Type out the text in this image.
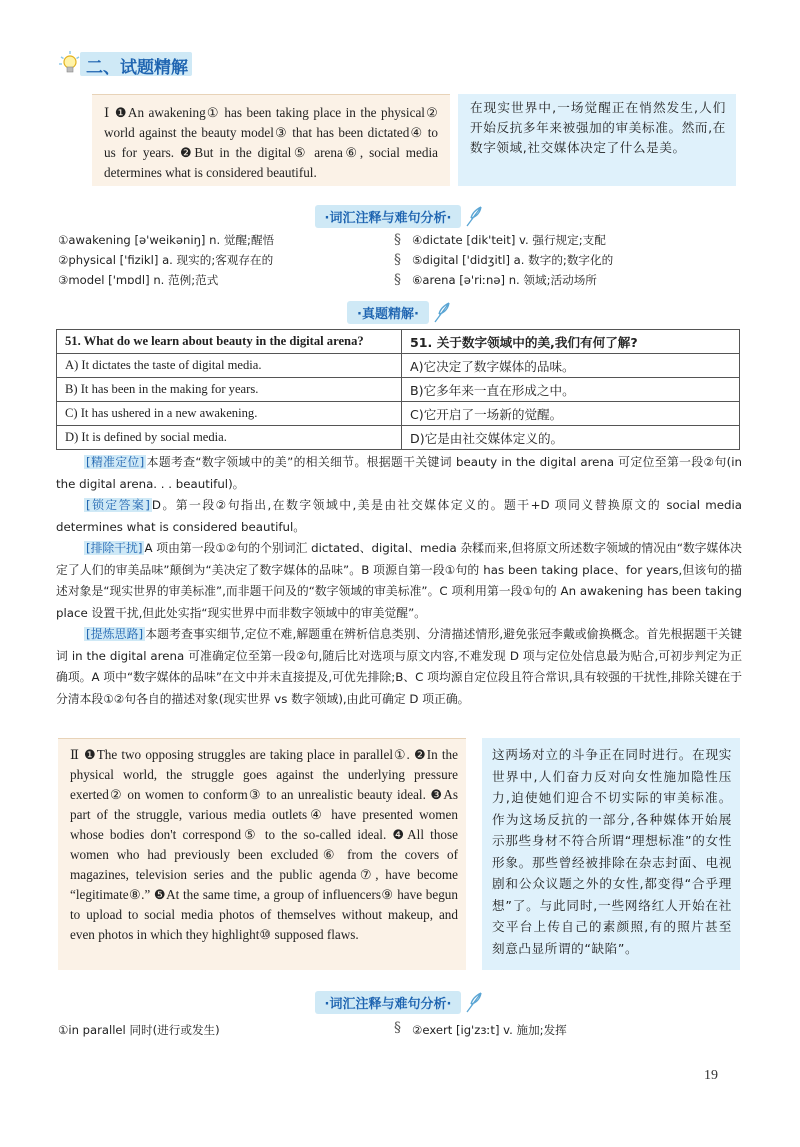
二、试题精解

Ⅰ ❶An awakening① has been taking place in the physical② world against the beauty model③ that has been dictated④ to us for years. ❷But in the digital⑤ arena⑥, social media determines what is considered beautiful.

在现实世界中,一场觉醒正在悄然发生,人们开始反抗多年来被强加的审美标准。然而,在数字领域,社交媒体决定了什么是美。

·词汇注释与难句分析·
①awakening [ə'weikəniŋ] n. 觉醒;醒悟	④dictate [dik'teit] v. 强行规定;支配
②physical ['fizikl] a. 现实的;客观存在的	⑤digital ['didʒitl] a. 数字的;数字化的
③model ['mɒdl] n. 范例;范式	⑥arena [ə'riːnə] n. 领域;活动场所
§
§
§
·真题精解·
51. What do we learn about beauty in the digital arena?	51. 关于数字领域中的美,我们有何了解?
A) It dictates the taste of digital media.	A)它决定了数字媒体的品味。
B) It has been in the making for years.	B)它多年来一直在形成之中。
C) It has ushered in a new awakening.	C)它开启了一场新的觉醒。
D) It is defined by social media.	D)它是由社交媒体定义的。

[精准定位] 本题考查“数字领域中的美”的相关细节。根据题干关键词 beauty in the digital arena 可定位至第一段②句(in the digital arena. . . beautiful)。

[锁定答案] D。第一段②句指出,在数字领域中,美是由社交媒体定义的。题干+D 项同义替换原文的 social media determines what is considered beautiful。

[排除干扰] A 项由第一段①②句的个别词汇 dictated、digital、media 杂糅而来,但将原文所述数字领域的情况由“数字媒体决定了人们的审美品味”颠倒为“美决定了数字媒体的品味”。B 项源自第一段①句的 has been taking place、for years,但该句的描述对象是“现实世界的审美标准”,而非题干问及的“数字领域的审美标准”。C 项利用第一段①句的 An awakening has been taking place 设置干扰,但此处实指“现实世界中而非数字领域中的审美觉醒”。

[提炼思路] 本题考查事实细节,定位不难,解题重在辨析信息类别、分清描述情形,避免张冠李戴或偷换概念。首先根据题干关键词 in the digital arena 可准确定位至第一段②句,随后比对选项与原文内容,不难发现 D 项与定位处信息最为贴合,可初步判定为正确项。A 项中“数字媒体的品味”在文中并未直接提及,可优先排除;B、C 项均源自定位段且符合常识,具有较强的干扰性,排除关键在于分清本段①②句各自的描述对象(现实世界 vs 数字领域),由此可确定 D 项正确。

Ⅱ ❶The two opposing struggles are taking place in parallel①. ❷In the physical world, the struggle goes against the underlying pressure exerted② on women to conform③ to an unrealistic beauty ideal. ❸As part of the struggle, various media outlets④ have presented women whose bodies don't correspond⑤ to the so-called ideal. ❹All those women who had previously been excluded⑥ from the covers of magazines, television series and the public agenda⑦, have become “legitimate⑧.” ❺At the same time, a group of influencers⑨ have begun to upload to social media photos of themselves without makeup, and even photos in which they highlight⑩ supposed flaws.

这两场对立的斗争正在同时进行。在现实世界中,人们奋力反对向女性施加隐性压力,迫使她们迎合不切实际的审美标准。作为这场反抗的一部分,各种媒体开始展示那些身材不符合所谓“理想标准”的女性形象。那些曾经被排除在杂志封面、电视剧和公众议题之外的女性,都变得“合乎理想”了。与此同时,一些网络红人开始在社交平台上传自己的素颜照,有的照片甚至刻意凸显所谓的“缺陷”。

·词汇注释与难句分析·
①in parallel 同时(进行或发生)	§ ②exert [ig'zɜːt] v. 施加;发挥
19
